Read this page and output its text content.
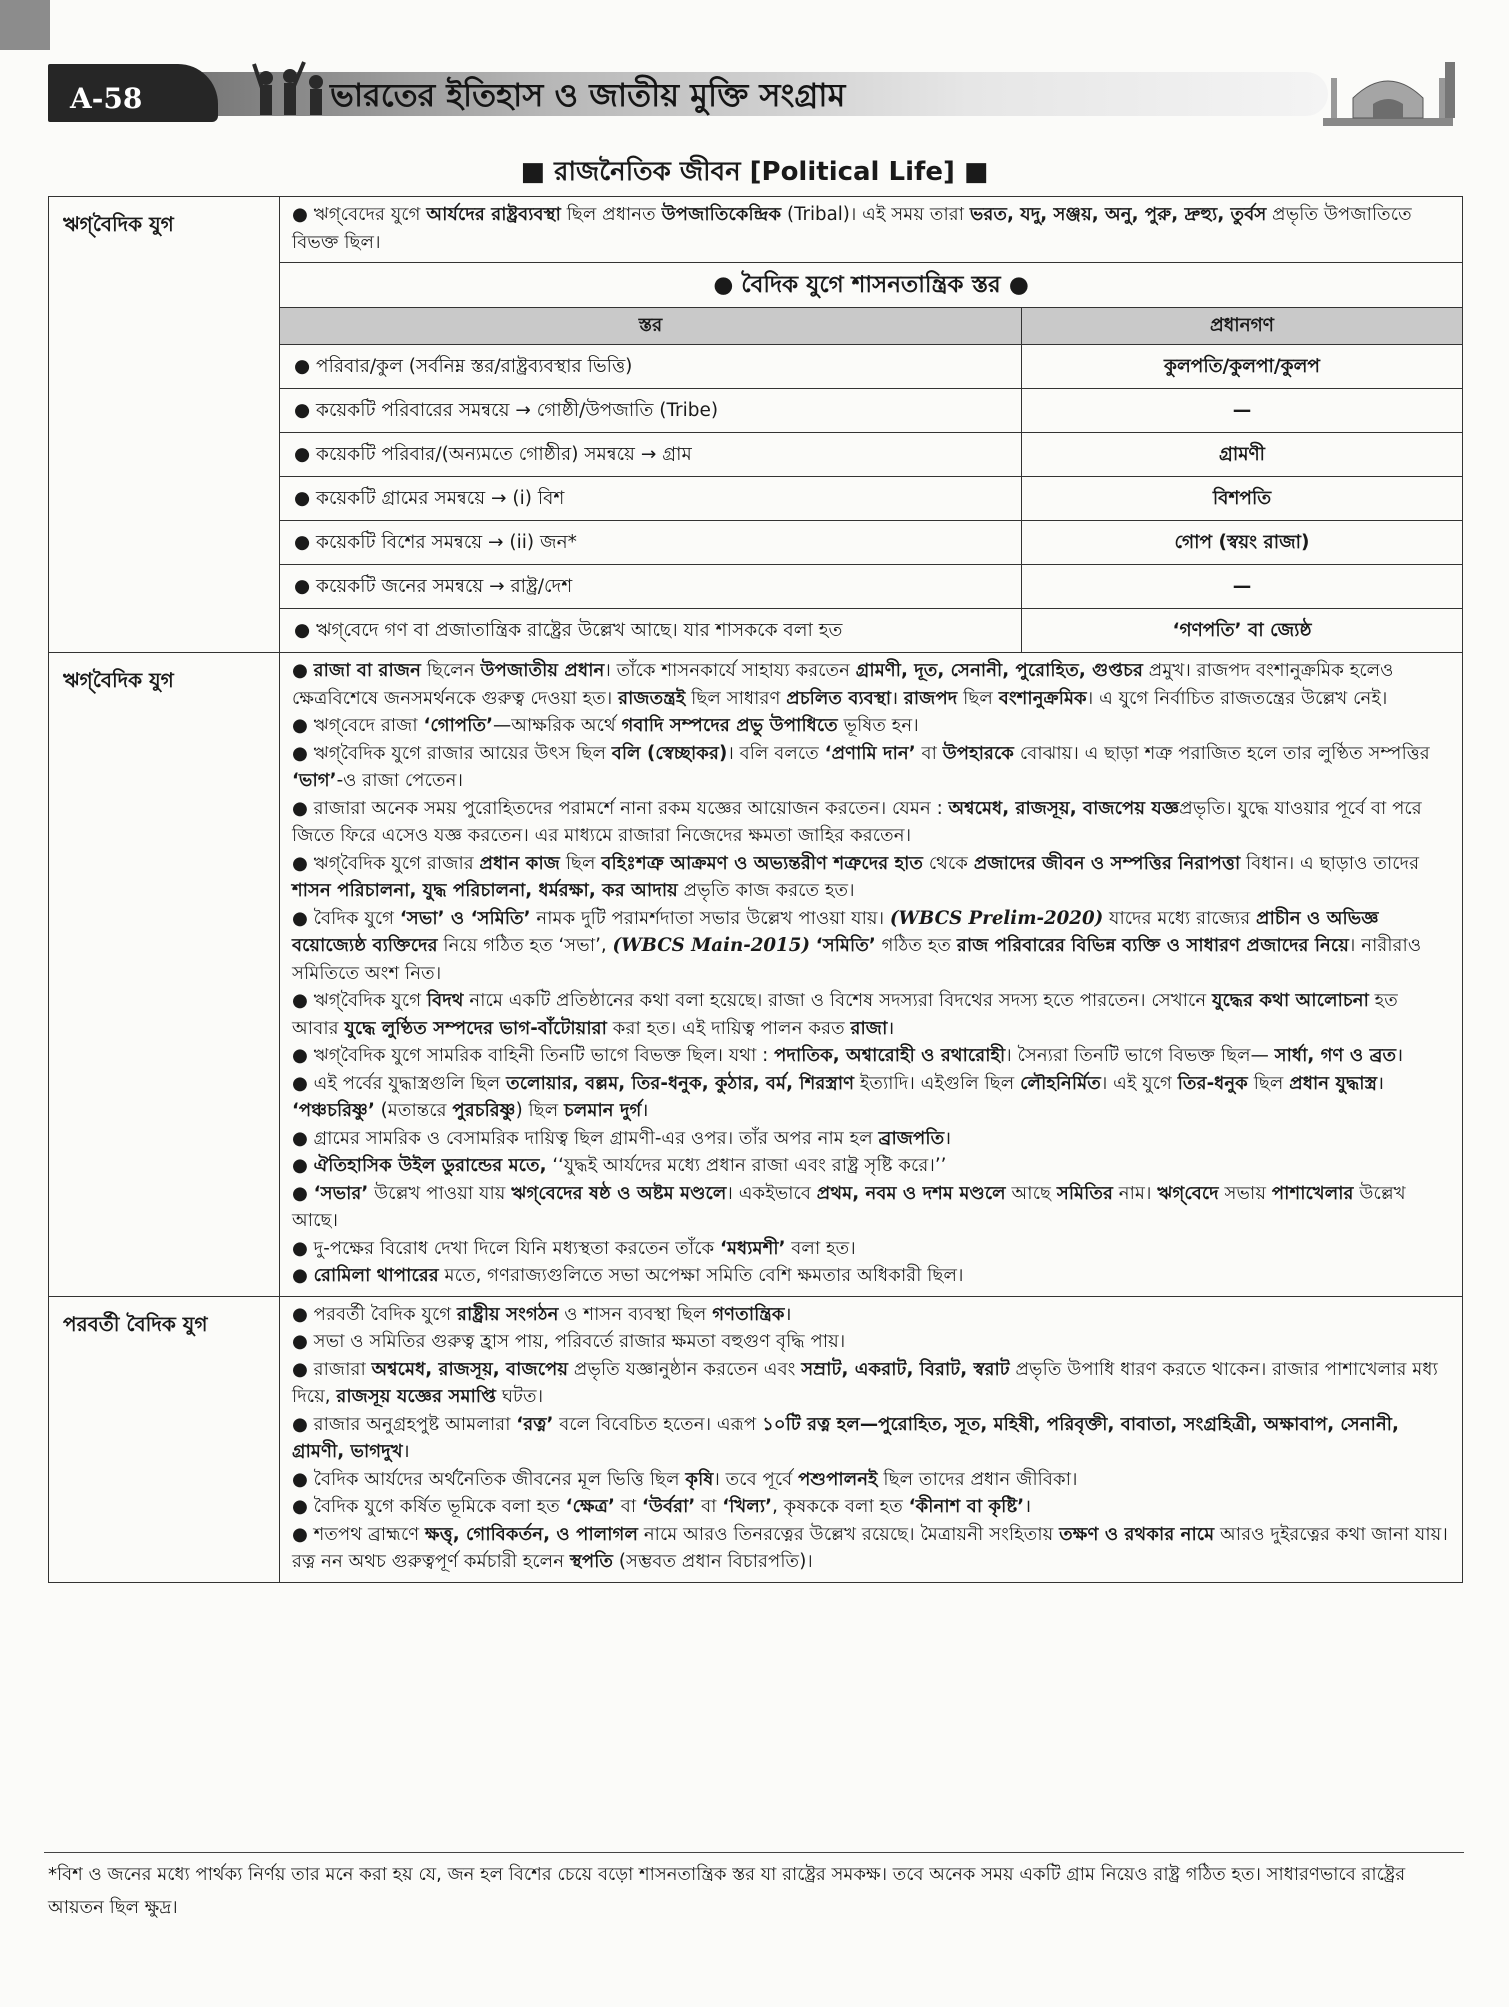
A-58	ভারতের ইতিহাস ও জাতীয় মুক্তি সংগ্রাম
■ রাজনৈতিক জীবন [Political Life] ■
ঋগ্‌বৈদিক যুগ	● ঋগ্‌বেদের যুগে আর্যদের রাষ্ট্রব্যবস্থা ছিল প্রধানত উপজাতিকেন্দ্রিক (Tribal)। এই সময় তারা ভরত, যদু, সঞ্জয়, অনু, পুরু, দ্রুহ্যু, তুর্বস প্রভৃতি উপজাতিতে বিভক্ত ছিল।

● বৈদিক যুগে শাসনতান্ত্রিক স্তর ●
স্তর	প্রধানগণ
● পরিবার/কুল (সর্বনিম্ন স্তর/রাষ্ট্রব্যবস্থার ভিত্তি)	কুলপতি/কুলপা/কুলপ
● কয়েকটি পরিবারের সমন্বয়ে → গোষ্ঠী/উপজাতি (Tribe)	—
● কয়েকটি পরিবার/(অন্যমতে গোষ্ঠীর) সমন্বয়ে → গ্রাম	গ্রামণী
● কয়েকটি গ্রামের সমন্বয়ে → (i) বিশ	বিশপতি
● কয়েকটি বিশের সমন্বয়ে → (ii) জন*	গোপ (স্বয়ং রাজা)
● কয়েকটি জনের সমন্বয়ে → রাষ্ট্র/দেশ	—
● ঋগ্‌বেদে গণ বা প্রজাতান্ত্রিক রাষ্ট্রের উল্লেখ আছে। যার শাসককে বলা হত	‘গণপতি’ বা জ্যেষ্ঠ

ঋগ্‌বৈদিক যুগ	● রাজা বা রাজন ছিলেন উপজাতীয় প্রধান। তাঁকে শাসনকার্যে সাহায্য করতেন গ্রামণী, দূত, সেনানী, পুরোহিত, গুপ্তচর প্রমুখ। রাজপদ বংশানুক্রমিক হলেও ক্ষেত্রবিশেষে জনসমর্থনকে গুরুত্ব দেওয়া হত। রাজতন্ত্রই ছিল সাধারণ প্রচলিত ব্যবস্থা। রাজপদ ছিল বংশানুক্রমিক। এ যুগে নির্বাচিত রাজতন্ত্রের উল্লেখ নেই।

● ঋগ্‌বেদে রাজা ‘গোপতি’—আক্ষরিক অর্থে গবাদি সম্পদের প্রভু উপাধিতে ভূষিত হন।

● ঋগ্‌বৈদিক যুগে রাজার আয়ের উৎস ছিল বলি (স্বেচ্ছাকর)। বলি বলতে ‘প্রণামি দান’ বা উপহারকে বোঝায়। এ ছাড়া শত্রু পরাজিত হলে তার লুণ্ঠিত সম্পত্তির ‘ভাগ’-ও রাজা পেতেন।

● রাজারা অনেক সময় পুরোহিতদের পরামর্শে নানা রকম যজ্ঞের আয়োজন করতেন। যেমন : অশ্বমেধ, রাজসূয়, বাজপেয় যজ্ঞপ্রভৃতি। যুদ্ধে যাওয়ার পূর্বে বা পরে জিতে ফিরে এসেও যজ্ঞ করতেন। এর মাধ্যমে রাজারা নিজেদের ক্ষমতা জাহির করতেন।

● ঋগ্‌বৈদিক যুগে রাজার প্রধান কাজ ছিল বহিঃশত্রু আক্রমণ ও অভ্যন্তরীণ শত্রুদের হাত থেকে প্রজাদের জীবন ও সম্পত্তির নিরাপত্তা বিধান। এ ছাড়াও তাদের শাসন পরিচালনা, যুদ্ধ পরিচালনা, ধর্মরক্ষা, কর আদায় প্রভৃতি কাজ করতে হত।

● বৈদিক যুগে ‘সভা’ ও ‘সমিতি’ নামক দুটি পরামর্শদাতা সভার উল্লেখ পাওয়া যায়। (WBCS Prelim-2020) যাদের মধ্যে রাজ্যের প্রাচীন ও অভিজ্ঞ বয়োজ্যেষ্ঠ ব্যক্তিদের নিয়ে গঠিত হত ‘সভা’, (WBCS Main-2015) ‘সমিতি’ গঠিত হত রাজ পরিবারের বিভিন্ন ব্যক্তি ও সাধারণ প্রজাদের নিয়ে। নারীরাও সমিতিতে অংশ নিত।

● ঋগ্‌বৈদিক যুগে বিদথ নামে একটি প্রতিষ্ঠানের কথা বলা হয়েছে। রাজা ও বিশেষ সদস্যরা বিদথের সদস্য হতে পারতেন। সেখানে যুদ্ধের কথা আলোচনা হত আবার যুদ্ধে লুণ্ঠিত সম্পদের ভাগ-বাঁটোয়ারা করা হত। এই দায়িত্ব পালন করত রাজা।

● ঋগ্‌বৈদিক যুগে সামরিক বাহিনী তিনটি ভাগে বিভক্ত ছিল। যথা : পদাতিক, অশ্বারোহী ও রথারোহী। সৈন্যরা তিনটি ভাগে বিভক্ত ছিল— সার্ধা, গণ ও ব্রত।

● এই পর্বের যুদ্ধাস্ত্রগুলি ছিল তলোয়ার, বল্লম, তির-ধনুক, কুঠার, বর্ম, শিরস্ত্রাণ ইত্যাদি। এইগুলি ছিল লৌহনির্মিত। এই যুগে তির-ধনুক ছিল প্রধান যুদ্ধাস্ত্র। ‘পঞ্চচরিষ্ণু’ (মতান্তরে পুরচরিষ্ণু) ছিল চলমান দুর্গ।

● গ্রামের সামরিক ও বেসামরিক দায়িত্ব ছিল গ্রামণী-এর ওপর। তাঁর অপর নাম হল ব্রাজপতি।

● ঐতিহাসিক উইল ডুরান্ডের মতে, ‘‘যুদ্ধই আর্যদের মধ্যে প্রধান রাজা এবং রাষ্ট্র সৃষ্টি করে।’’

● ‘সভার’ উল্লেখ পাওয়া যায় ঋগ্‌বেদের ষষ্ঠ ও অষ্টম মণ্ডলে। একইভাবে প্রথম, নবম ও দশম মণ্ডলে আছে সমিতির নাম। ঋগ্‌বেদে সভায় পাশাখেলার উল্লেখ আছে।

● দু-পক্ষের বিরোধ দেখা দিলে যিনি মধ্যস্থতা করতেন তাঁকে ‘মধ্যমশী’ বলা হত।

● রোমিলা থাপারের মতে, গণরাজ্যগুলিতে সভা অপেক্ষা সমিতি বেশি ক্ষমতার অধিকারী ছিল।

পরবর্তী বৈদিক যুগ	● পরবর্তী বৈদিক যুগে রাষ্ট্রীয় সংগঠন ও শাসন ব্যবস্থা ছিল গণতান্ত্রিক।

● সভা ও সমিতির গুরুত্ব হ্রাস পায়, পরিবর্তে রাজার ক্ষমতা বহুগুণ বৃদ্ধি পায়।

● রাজারা অশ্বমেধ, রাজসূয়, বাজপেয় প্রভৃতি যজ্ঞানুষ্ঠান করতেন এবং সম্রাট, একরাট, বিরাট, স্বরাট প্রভৃতি উপাধি ধারণ করতে থাকেন। রাজার পাশাখেলার মধ্য দিয়ে, রাজসূয় যজ্ঞের সমাপ্তি ঘটত।

● রাজার অনুগ্রহপুষ্ট আমলারা ‘রত্ন’ বলে বিবেচিত হতেন। এরূপ ১০টি রত্ন হল—পুরোহিত, সূত, মহিষী, পরিবৃক্তী, বাবাতা, সংগ্রহিত্রী, অক্ষাবাপ, সেনানী, গ্রামণী, ভাগদুখ।

● বৈদিক আর্যদের অর্থনৈতিক জীবনের মূল ভিত্তি ছিল কৃষি। তবে পূর্বে পশুপালনই ছিল তাদের প্রধান জীবিকা।

● বৈদিক যুগে কর্ষিত ভূমিকে বলা হত ‘ক্ষেত্র’ বা ‘উর্বরা’ বা ‘খিল্য’, কৃষককে বলা হত ‘কীনাশ বা কৃষ্টি’।

● শতপথ ব্রাহ্মণে ক্ষত্তৃ, গোবিকর্তন, ও পালাগল নামে আরও তিনরত্নের উল্লেখ রয়েছে। মৈত্রায়নী সংহিতায় তক্ষণ ও রথকার নামে আরও দুইরত্নের কথা জানা যায়। রত্ন নন অথচ গুরুত্বপূর্ণ কর্মচারী হলেন স্থপতি (সম্ভবত প্রধান বিচারপতি)।

*বিশ ও জনের মধ্যে পার্থক্য নির্ণয় তার মনে করা হয় যে, জন হল বিশের চেয়ে বড়ো শাসনতান্ত্রিক স্তর যা রাষ্ট্রের সমকক্ষ। তবে অনেক সময় একটি গ্রাম নিয়েও রাষ্ট্র গঠিত হত। সাধারণভাবে রাষ্ট্রের আয়তন ছিল ক্ষুদ্র।
